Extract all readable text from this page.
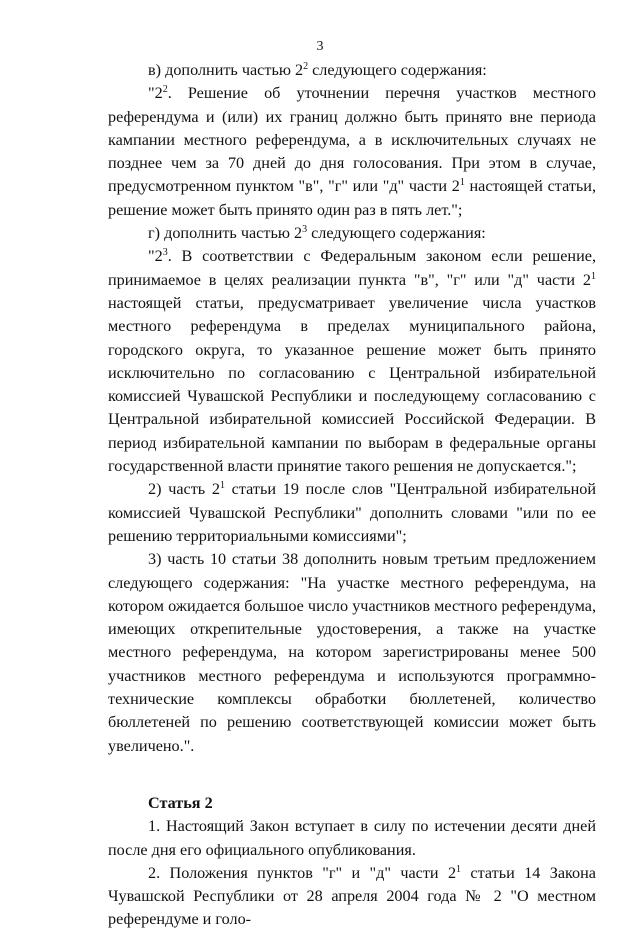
3

в) дополнить частью $2^2$ следующего содержания:

"$2^2$. Решение об уточнении перечня участков местного референдума и (или) их границ должно быть принято вне периода кампании местного референдума, а в исключительных случаях не позднее чем за 70 дней до дня голосования. При этом в случае, предусмотренном пунктом "в", "г" или "д" части $2^1$ настоящей статьи, решение может быть принято один раз в пять лет.";

г) дополнить частью $2^3$ следующего содержания:

"$2^3$. В соответствии с Федеральным законом если решение, принимаемое в целях реализации пункта "в", "г" или "д" части $2^1$ настоящей статьи, предусматривает увеличение числа участков местного референдума в пределах муниципального района, городского округа, то указанное решение может быть принято исключительно по согласованию с Центральной избирательной комиссией Чувашской Республики и последующему согласованию с Центральной избирательной комиссией Российской Федерации. В период избирательной кампании по выборам в федеральные органы государственной власти принятие такого решения не допускается.";

2) часть $2^1$ статьи 19 после слов "Центральной избирательной комиссией Чувашской Республики" дополнить словами "или по ее решению территориальными комиссиями";

3) часть 10 статьи 38 дополнить новым третьим предложением следующего содержания: "На участке местного референдума, на котором ожидается большое число участников местного референдума, имеющих открепительные удостоверения, а также на участке местного референдума, на котором зарегистрированы менее 500 участников местного референдума и используются программно-технические комплексы обработки бюллетеней, количество бюллетеней по решению соответствующей комиссии может быть увеличено.".

Статья 2

1. Настоящий Закон вступает в силу по истечении десяти дней после дня его официального опубликования.

2. Положения пунктов "г" и "д" части $2^1$ статьи 14 Закона Чувашской Республики от 28 апреля 2004 года № 2 "О местном референдуме и голо-
